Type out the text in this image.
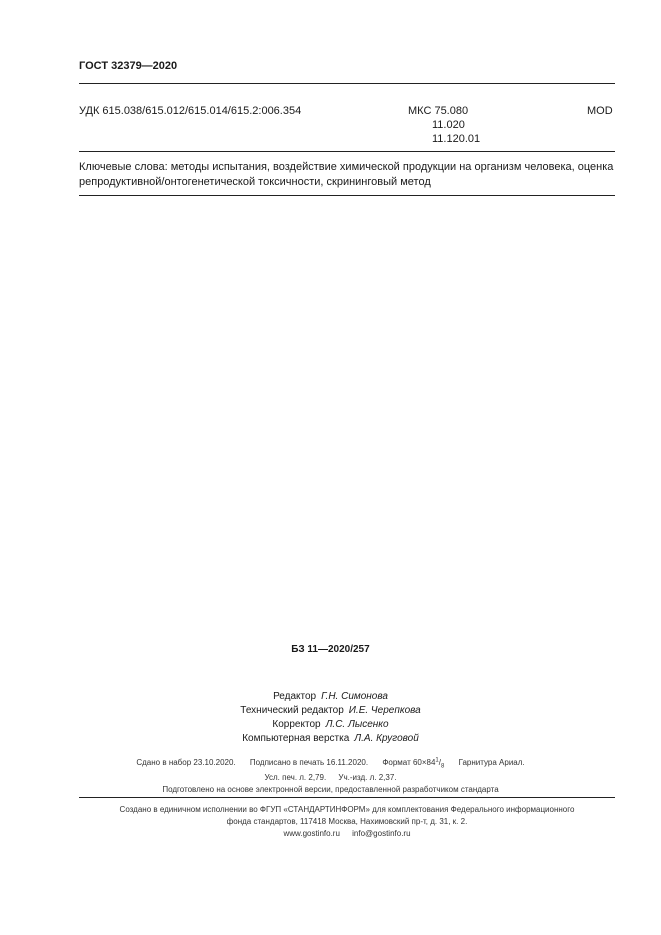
ГОСТ 32379—2020
УДК 615.038/615.012/615.014/615.2:006.354	МКС 75.080
11.020
11.120.01
MOD
Ключевые слова: методы испытания, воздействие химической продукции на организм человека, оценка репродуктивной/онтогенетической токсичности, скрининговый метод
БЗ 11—2020/257
Редактор Г.Н. Симонова
Технический редактор И.Е. Черепкова
Корректор Л.С. Лысенко
Компьютерная верстка Л.А. Круговой
Сдано в набор 23.10.2020. Подписано в печать 16.11.2020. Формат $60\times 84^1/_8$ Гарнитура Ариал.
Усл. печ. л. 2,79. Уч.-изд. л. 2,37.
Подготовлено на основе электронной версии, предоставленной разработчиком стандарта
Создано в единичном исполнении во ФГУП «СТАНДАРТИНФОРМ» для комплектования Федерального информационного
фонда стандартов, 117418 Москва, Нахимовский пр-т, д. 31, к. 2.
www.gostinfo.ru info@gostinfo.ru
